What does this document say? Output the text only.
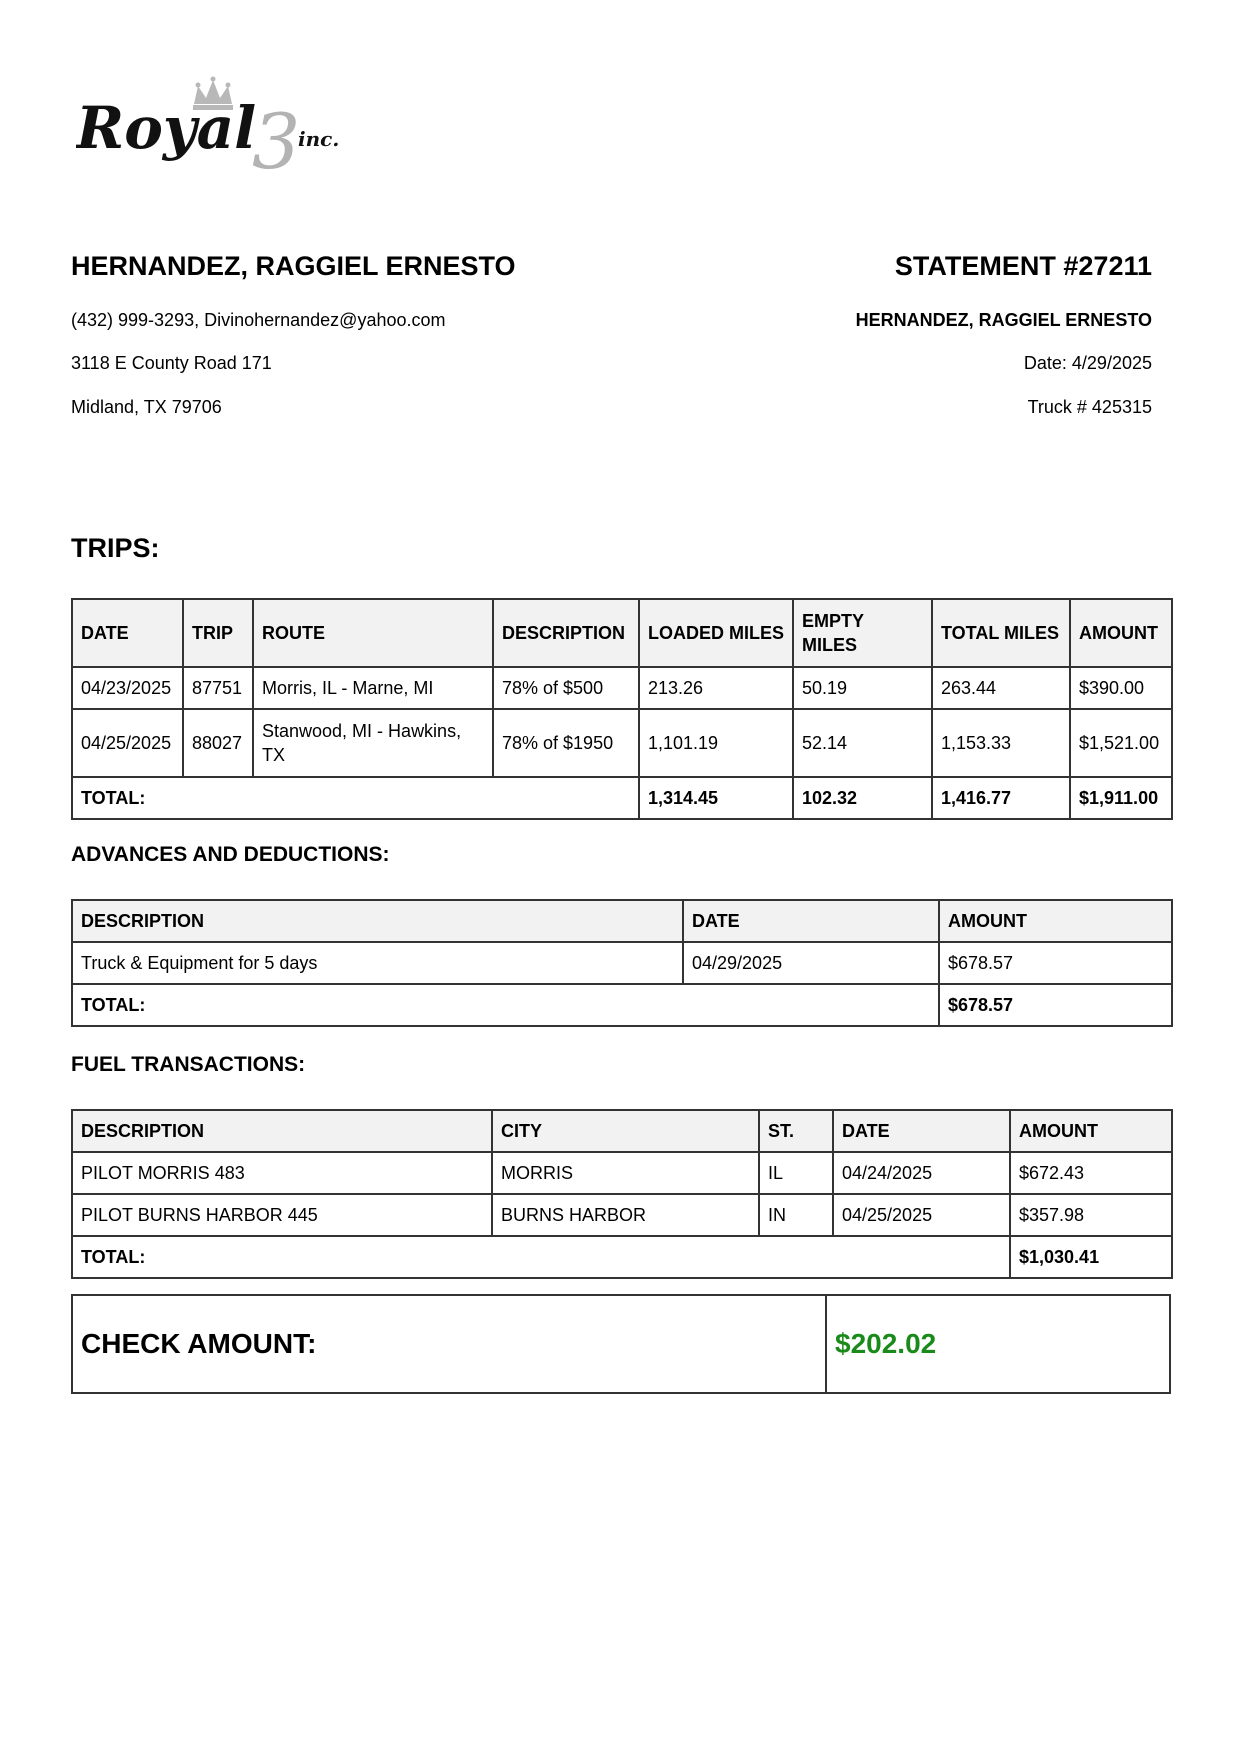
Royal
3
inc.
HERNANDEZ, RAGGIEL ERNESTO
(432) 999-3293, Divinohernandez@yahoo.com
3118 E County Road 171
Midland, TX 79706
STATEMENT #27211
HERNANDEZ, RAGGIEL ERNESTO
Date: 4/29/2025
Truck # 425315
TRIPS:
DATE	TRIP	ROUTE	DESCRIPTION	LOADED MILES	EMPTY MILES	TOTAL MILES	AMOUNT
04/23/2025	87751	Morris, IL - Marne, MI	78% of $500	213.26	50.19	263.44	$390.00
04/25/2025	88027	Stanwood, MI - Hawkins, TX	78% of $1950	1,101.19	52.14	1,153.33	$1,521.00
TOTAL:				1,314.45	102.32	1,416.77	$1,911.00
ADVANCES AND DEDUCTIONS:
DESCRIPTION	DATE	AMOUNT
Truck & Equipment for 5 days	04/29/2025	$678.57
TOTAL:		$678.57
FUEL TRANSACTIONS:
DESCRIPTION	CITY	ST.	DATE	AMOUNT
PILOT MORRIS 483	MORRIS	IL	04/24/2025	$672.43
PILOT BURNS HARBOR 445	BURNS HARBOR	IN	04/25/2025	$357.98
TOTAL:				$1,030.41
CHECK AMOUNT:	$202.02
